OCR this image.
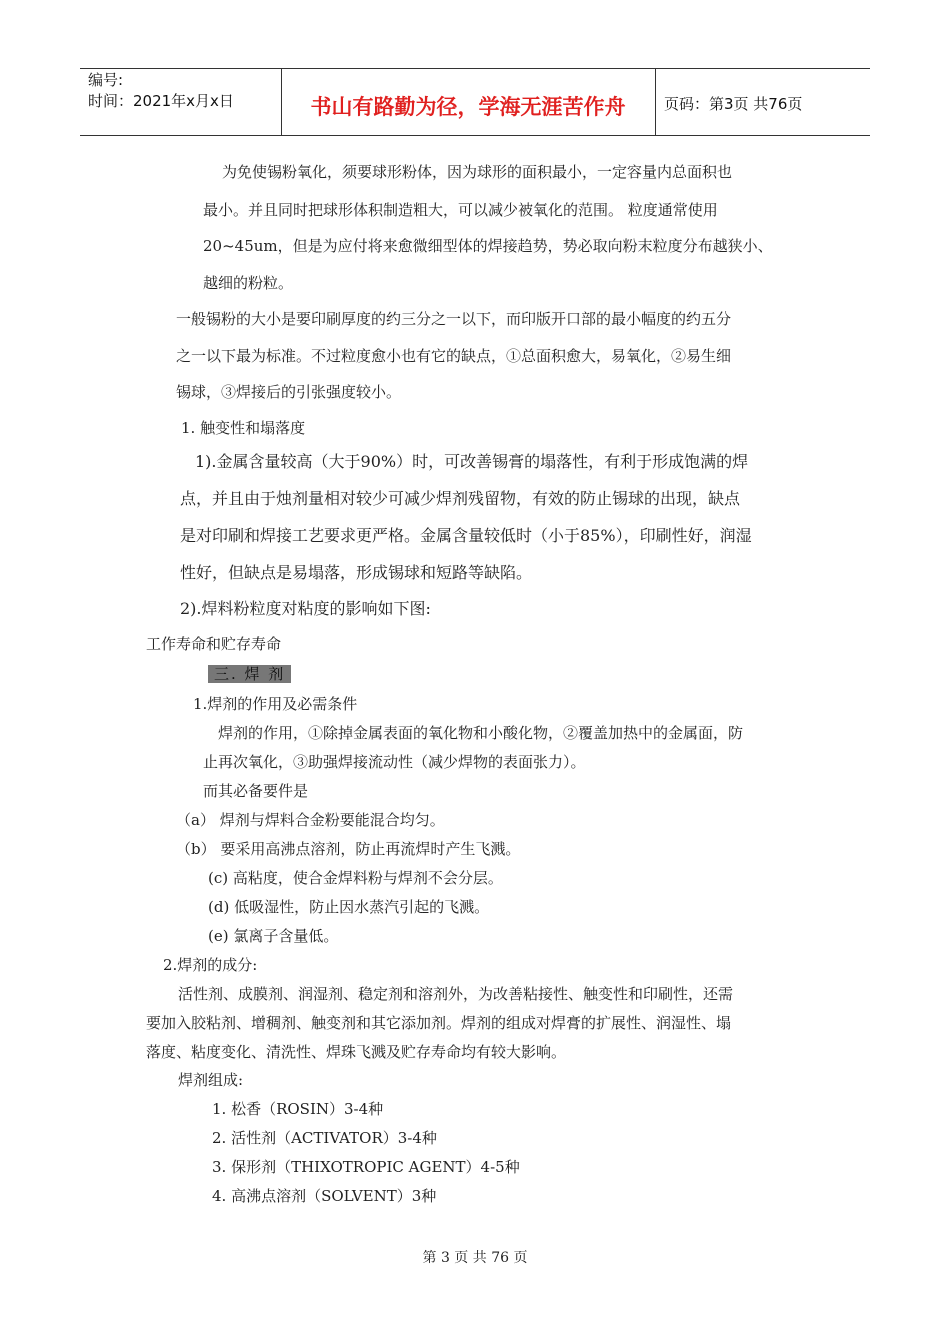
编号:
时间：2021年x月x日	书山有路勤为径，学海无涯苦作舟	页码：第3页 共76页
为免使锡粉氧化，须要球形粉体，因为球形的面积最小，一定容量内总面积也
最小。并且同时把球形体积制造粗大，可以减少被氧化的范围。 粒度通常使用
20~45um，但是为应付将来愈微细型体的焊接趋势，势必取向粉末粒度分布越狭小、
越细的粉粒。
一般锡粉的大小是要印刷厚度的约三分之一以下，而印版开口部的最小幅度的约五分
之一以下最为标准。不过粒度愈小也有它的缺点，①总面积愈大，易氧化，②易生细
锡球，③焊接后的引张强度较小。
1. 触变性和塌落度
1).金属含量较高（大于90%）时，可改善锡膏的塌落性，有利于形成饱满的焊
点，并且由于烛剂量相对较少可减少焊剂残留物，有效的防止锡球的出现，缺点
是对印刷和焊接工艺要求更严格。金属含量较低时（小于85%），印刷性好，润湿
性好，但缺点是易塌落，形成锡球和短路等缺陷。
2).焊料粉粒度对粘度的影响如下图:
工作寿命和贮存寿命
三. 焊 剂
1.焊剂的作用及必需条件
焊剂的作用，①除掉金属表面的氧化物和小酸化物，②覆盖加热中的金属面，防
止再次氧化，③助强焊接流动性（减少焊物的表面张力）。
而其必备要件是
（a） 焊剂与焊料合金粉要能混合均匀。
（b） 要采用高沸点溶剂，防止再流焊时产生飞溅。
(c) 高粘度，使合金焊料粉与焊剂不会分层。
(d) 低吸湿性，防止因水蒸汽引起的飞溅。
(e) 氯离子含量低。
2.焊剂的成分:
活性剂、成膜剂、润湿剂、稳定剂和溶剂外，为改善粘接性、触变性和印刷性，还需
要加入胶粘剂、增稠剂、触变剂和其它添加剂。焊剂的组成对焊膏的扩展性、润湿性、塌
落度、粘度变化、清洗性、焊珠飞溅及贮存寿命均有较大影响。
焊剂组成:
1. 松香（ROSIN）3-4种
2. 活性剂（ACTIVATOR）3-4种
3. 保形剂（THIXOTROPIC AGENT）4-5种
4. 高沸点溶剂（SOLVENT）3种
第 3 页 共 76 页
